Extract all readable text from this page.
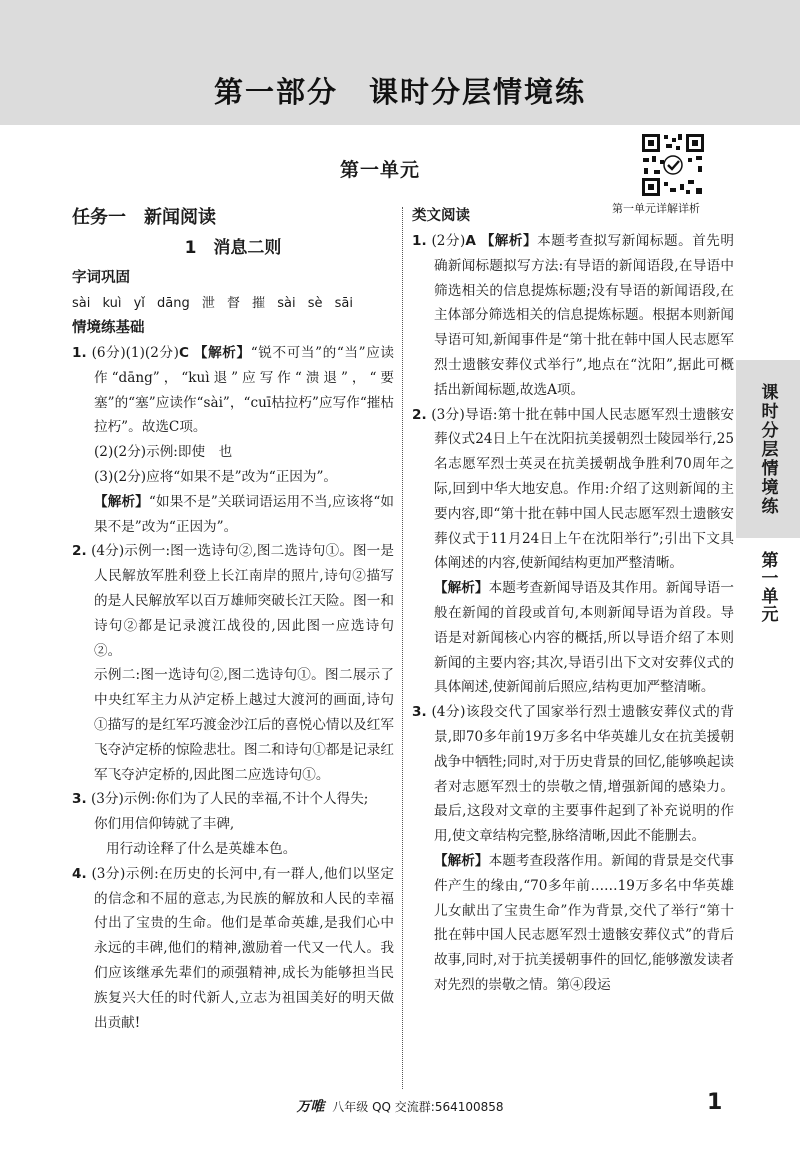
第一部分　课时分层情境练
第一单元
第一单元详解详析
课时分层情境练
第一单元
任务一　新闻阅读
1　消息二则
字词巩固
sài kuì yǐ dāng 泄 督 摧 sài sè sāi
情境练基础

1. (6分)(1)(2分)C 【解析】“锐不可当”的“当”应读作“dāng”，“kuì退”应写作“溃退”，“要塞”的“塞”应读作“sài”，“cuī枯拉朽”应写作“摧枯拉朽”。故选C项。

(2)(2分)示例:即使　也

(3)(2分)应将“如果不是”改为“正因为”。

【解析】“如果不是”关联词语运用不当,应该将“如果不是”改为“正因为”。

2. (4分)示例一:图一选诗句②,图二选诗句①。图一是人民解放军胜利登上长江南岸的照片,诗句②描写的是人民解放军以百万雄师突破长江天险。图一和诗句②都是记录渡江战役的,因此图一应选诗句②。

示例二:图一选诗句②,图二选诗句①。图二展示了中央红军主力从泸定桥上越过大渡河的画面,诗句①描写的是红军巧渡金沙江后的喜悦心情以及红军飞夺泸定桥的惊险悲壮。图二和诗句①都是记录红军飞夺泸定桥的,因此图二应选诗句①。

3. (3分)示例:你们为了人民的幸福,不计个人得失;

你们用信仰铸就了丰碑,

用行动诠释了什么是英雄本色。

4. (3分)示例:在历史的长河中,有一群人,他们以坚定的信念和不屈的意志,为民族的解放和人民的幸福付出了宝贵的生命。他们是革命英雄,是我们心中永远的丰碑,他们的精神,激励着一代又一代人。我们应该继承先辈们的顽强精神,成长为能够担当民族复兴大任的时代新人,立志为祖国美好的明天做出贡献!

类文阅读

1. (2分)A 【解析】本题考查拟写新闻标题。首先明确新闻标题拟写方法:有导语的新闻语段,在导语中筛选相关的信息提炼标题;没有导语的新闻语段,在主体部分筛选相关的信息提炼标题。根据本则新闻导语可知,新闻事件是“第十批在韩中国人民志愿军烈士遗骸安葬仪式举行”,地点在“沈阳”,据此可概括出新闻标题,故选A项。

2. (3分)导语:第十批在韩中国人民志愿军烈士遗骸安葬仪式24日上午在沈阳抗美援朝烈士陵园举行,25名志愿军烈士英灵在抗美援朝战争胜利70周年之际,回到中华大地安息。作用:介绍了这则新闻的主要内容,即“第十批在韩中国人民志愿军烈士遗骸安葬仪式于11月24日上午在沈阳举行”;引出下文具体阐述的内容,使新闻结构更加严整清晰。

【解析】本题考查新闻导语及其作用。新闻导语一般在新闻的首段或首句,本则新闻导语为首段。导语是对新闻核心内容的概括,所以导语介绍了本则新闻的主要内容;其次,导语引出下文对安葬仪式的具体阐述,使新闻前后照应,结构更加严整清晰。

3. (4分)该段交代了国家举行烈士遗骸安葬仪式的背景,即70多年前19万多名中华英雄儿女在抗美援朝战争中牺牲;同时,对于历史背景的回忆,能够唤起读者对志愿军烈士的崇敬之情,增强新闻的感染力。最后,这段对文章的主要事件起到了补充说明的作用,使文章结构完整,脉络清晰,因此不能删去。

【解析】本题考查段落作用。新闻的背景是交代事件产生的缘由,“70多年前……19万多名中华英雄儿女献出了宝贵生命”作为背景,交代了举行“第十批在韩中国人民志愿军烈士遗骸安葬仪式”的背后故事,同时,对于抗美援朝事件的回忆,能够激发读者对先烈的崇敬之情。第④段运

万唯 八年级 QQ 交流群:564100858	1
